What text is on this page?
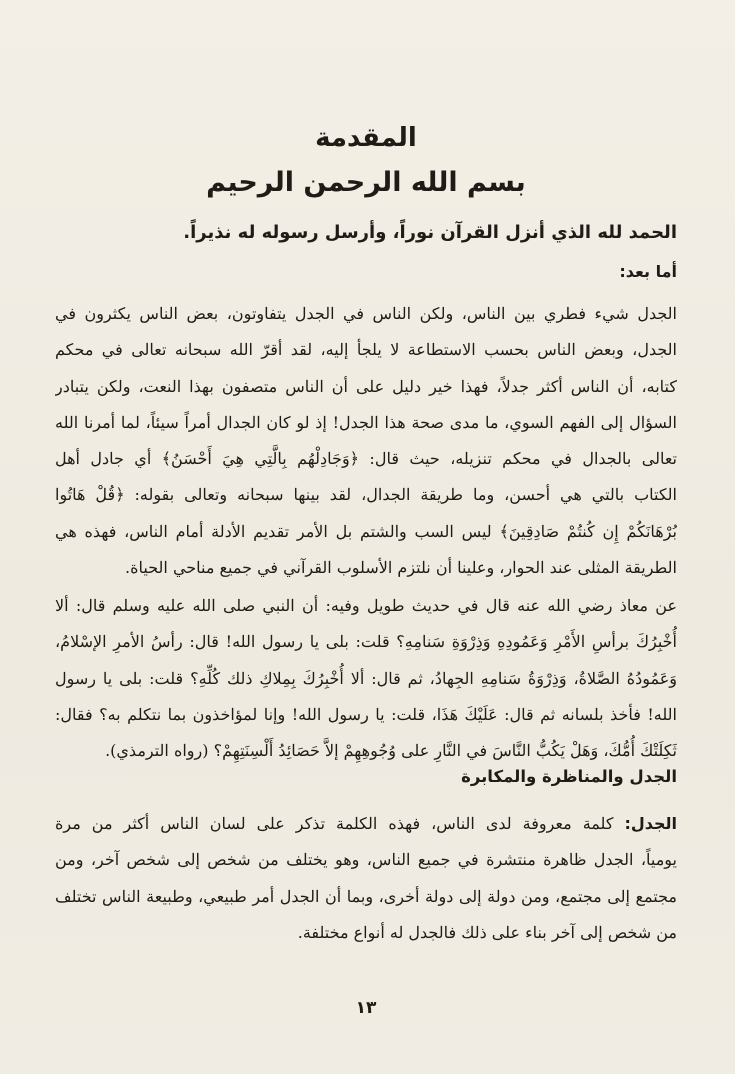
المقدمة
بسم الله الرحمن الرحيم

الحمد لله الذي أنزل القرآن نوراً، وأرسل رسوله له نذيراً.

أما بعد:

الجدل شيء فطري بين الناس، ولكن الناس في الجدل يتفاوتون، بعض الناس يكثرون في
الجدل، وبعض الناس بحسب الاستطاعة لا يلجأ إليه، لقد أقرّ الله سبحانه تعالى في محكم
كتابه، أن الناس أكثر جدلاً، فهذا خير دليل على أن الناس متصفون بهذا النعت، ولكن يتبادر
السؤال إلى الفهم السوي، ما مدى صحة هذا الجدل! إذ لو كان الجدال أمراً سيئاً، لما أمرنا الله
تعالى بالجدال في محكم تنزيله، حيث قال: ﴿وَجَادِلْهُم بِالَّتِي هِيَ أَحْسَنُ﴾ أي جادل أهل
الكتاب بالتي هي أحسن، وما طريقة الجدال، لقد بينها سبحانه وتعالى بقوله: ﴿قُلْ هَاتُوا
بُرْهَانَكُمْ إِن كُنتُمْ صَادِقِينَ﴾ ليس السب والشتم بل الأمر تقديم الأدلة أمام الناس، فهذه هي
الطريقة المثلى عند الحوار، وعلينا أن نلتزم الأسلوب القرآني في جميع مناحي الحياة.
عن معاذ رضي الله عنه قال في حديث طويل وفيه: أن النبي صلى الله عليه وسلم قال: ألا
أُخْبِرُكَ برأسِ الأَمْرِ وَعَمُودِهِ وَذِرْوَةِ سَنامِهِ؟ قلت: بلى يا رسول الله! قال: رأسُ الأمرِ الإسْلامُ،
وَعَمُودُهُ الصَّلاةُ، وَذِرْوَةُ سَنامِهِ الجِهادُ، ثم قال: ألا أُخْبِرُكَ بِمِلاكِ ذلك كُلِّهِ؟ قلت: بلى يا رسول
الله! فأخذ بلسانه ثم قال: عَلَيْكَ هَذَا، قلت: يا رسول الله! وإنا لمؤاخذون بما نتكلم به؟ فقال:
ثَكِلَتْكَ أُمُّكَ، وَهَلْ يَكُبُّ النَّاسَ في النَّارِ على وُجُوهِهِمْ إلاَّ حَصَائِدُ أَلْسِنَتِهِمْ؟ (رواه الترمذي).

الجدل والمناظرة والمكابرة

الجدل: كلمة معروفة لدى الناس، فهذه الكلمة تذكر على لسان الناس أكثر من مرة
يومياً، الجدل ظاهرة منتشرة في جميع الناس، وهو يختلف من شخص إلى شخص آخر، ومن
مجتمع إلى مجتمع، ومن دولة إلى دولة أخرى، وبما أن الجدل أمر طبيعي، وطبيعة الناس تختلف
من شخص إلى آخر بناء على ذلك فالجدل له أنواع مختلفة.
١٣
